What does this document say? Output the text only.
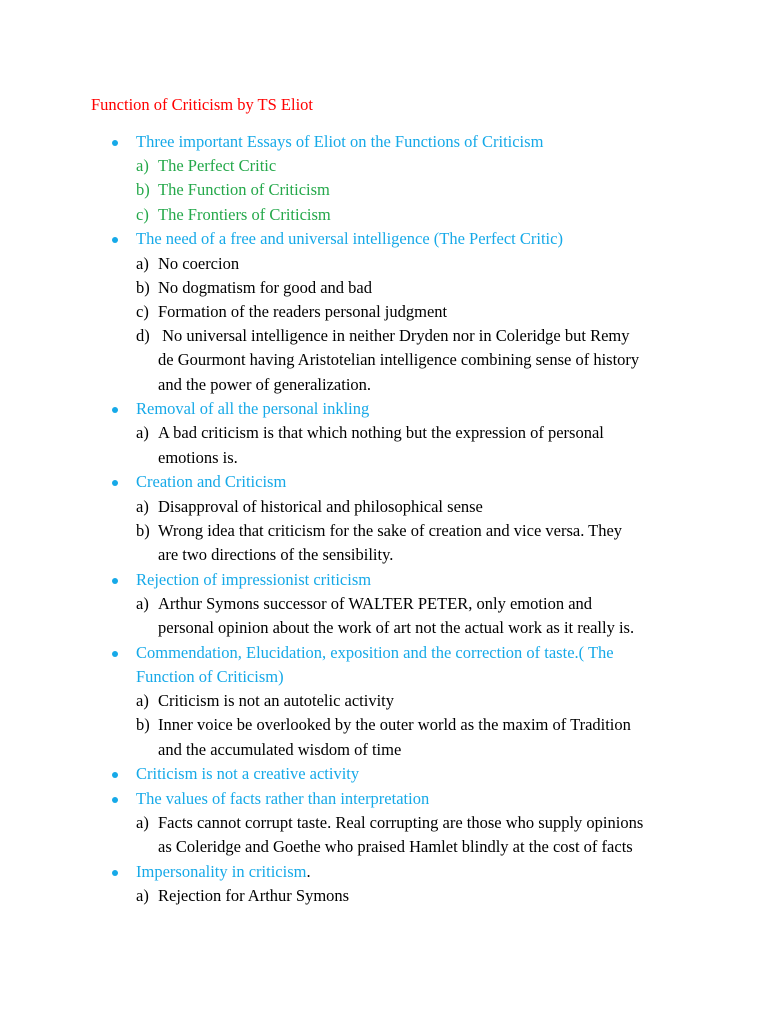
Function of Criticism by TS Eliot
Three important Essays of Eliot on the Functions of Criticism
a) The Perfect Critic
b) The Function of Criticism
c) The Frontiers of Criticism
The need of a free and universal intelligence (The Perfect Critic)
a) No coercion
b) No dogmatism for good and bad
c) Formation of the readers personal judgment
d) No universal intelligence in neither Dryden nor in Coleridge but Remy
de Gourmont having Aristotelian intelligence combining sense of history
and the power of generalization.
Removal of all the personal inkling
a) A bad criticism is that which nothing but the expression of personal
emotions is.
Creation and Criticism
a) Disapproval of historical and philosophical sense
b) Wrong idea that criticism for the sake of creation and vice versa. They
are two directions of the sensibility.
Rejection of impressionist criticism
a) Arthur Symons successor of WALTER PETER, only emotion and
personal opinion about the work of art not the actual work as it really is.
Commendation, Elucidation, exposition and the correction of taste.( The
Function of Criticism)
a) Criticism is not an autotelic activity
b) Inner voice be overlooked by the outer world as the maxim of Tradition
and the accumulated wisdom of time
Criticism is not a creative activity
The values of facts rather than interpretation
a) Facts cannot corrupt taste. Real corrupting are those who supply opinions
as Coleridge and Goethe who praised Hamlet blindly at the cost of facts
Impersonality in criticism.
a) Rejection for Arthur Symons
